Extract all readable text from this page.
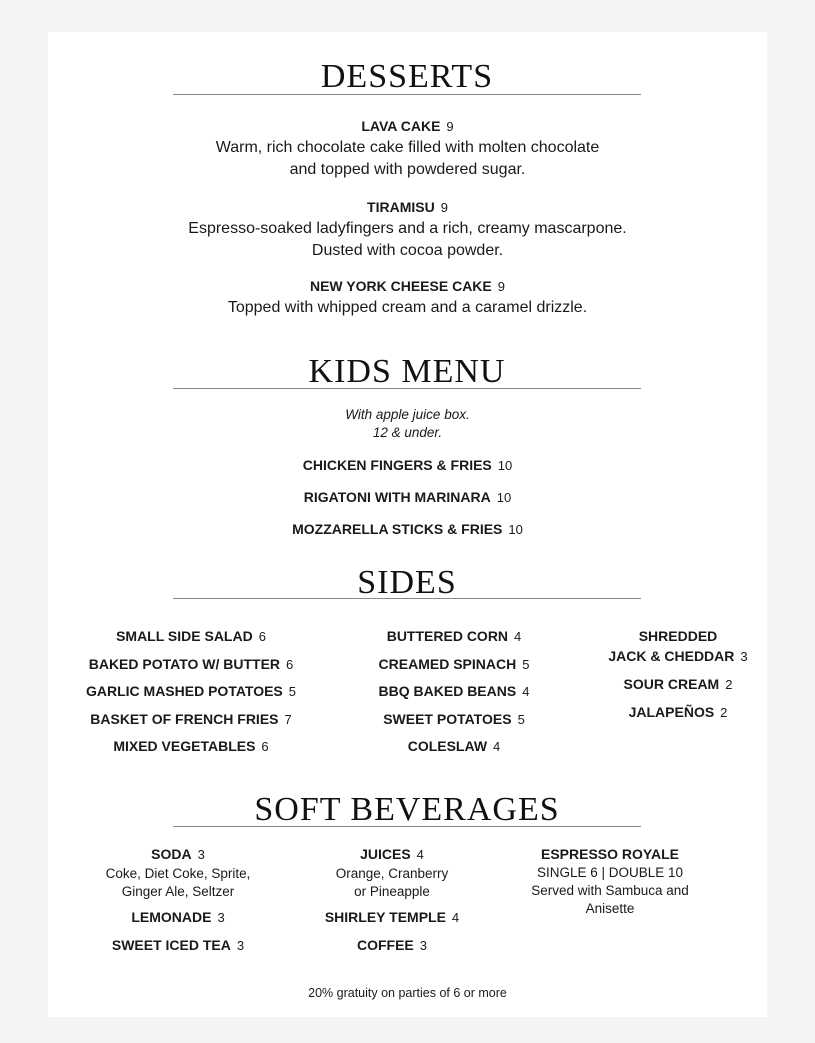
DESSERTS
LAVA CAKE 9
Warm, rich chocolate cake filled with molten chocolate
and topped with powdered sugar.
TIRAMISU 9
Espresso-soaked ladyfingers and a rich, creamy mascarpone.
Dusted with cocoa powder.
NEW YORK CHEESE CAKE 9
Topped with whipped cream and a caramel drizzle.
KIDS MENU
With apple juice box.
12 & under.
CHICKEN FINGERS & FRIES 10
RIGATONI WITH MARINARA 10
MOZZARELLA STICKS & FRIES 10
SIDES
SMALL SIDE SALAD 6
BAKED POTATO W/ BUTTER 6
GARLIC MASHED POTATOES 5
BASKET OF FRENCH FRIES 7
MIXED VEGETABLES 6
BUTTERED CORN 4
CREAMED SPINACH 5
BBQ BAKED BEANS 4
SWEET POTATOES 5
COLESLAW 4
SHREDDED
JACK & CHEDDAR 3
SOUR CREAM 2
JALAPEÑOS 2
SOFT BEVERAGES
SODA 3
Coke, Diet Coke, Sprite,
Ginger Ale, Seltzer
LEMONADE 3
SWEET ICED TEA 3
JUICES 4
Orange, Cranberry
or Pineapple
SHIRLEY TEMPLE 4
COFFEE 3
ESPRESSO ROYALE
SINGLE 6 | DOUBLE 10
Served with Sambuca and
Anisette
20% gratuity on parties of 6 or more
